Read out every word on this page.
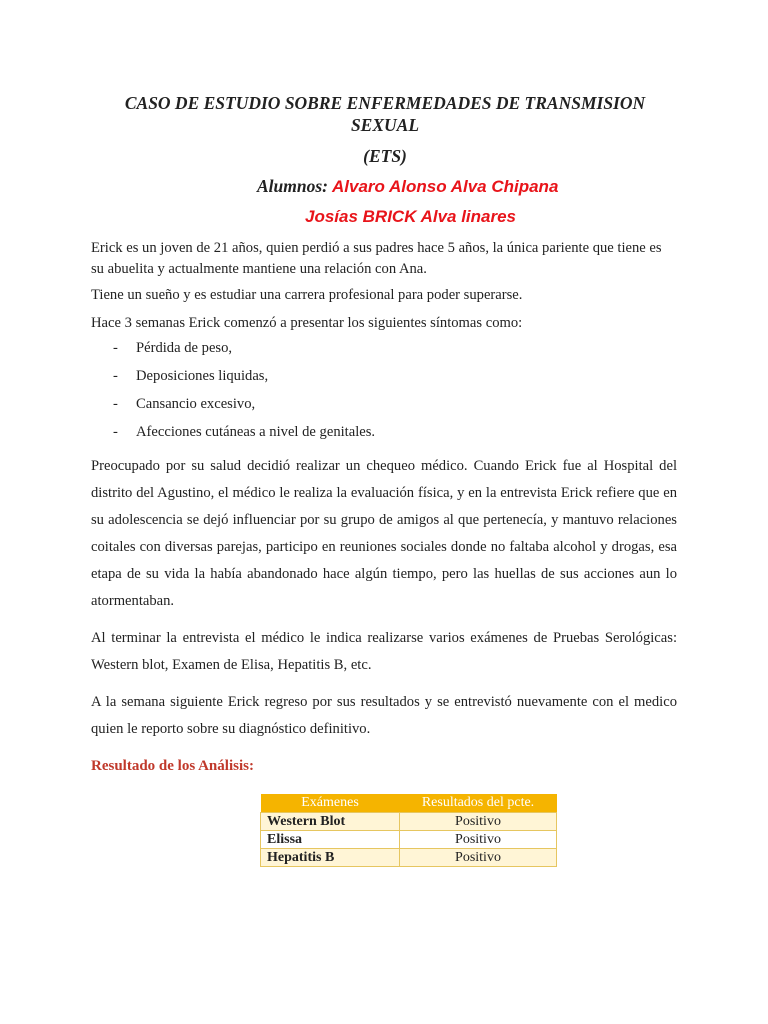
CASO DE ESTUDIO SOBRE ENFERMEDADES DE TRANSMISION SEXUAL
(ETS)
Alumnos: Alvaro Alonso Alva Chipana
Josías BRICK Alva linares

Erick es un joven de 21 años, quien perdió a sus padres hace 5 años, la única pariente que tiene es su abuelita y actualmente mantiene una relación con Ana.

Tiene un sueño y es estudiar una carrera profesional para poder superarse.

Hace 3 semanas Erick comenzó a presentar los siguientes síntomas como:

-	Pérdida de peso,
-	Deposiciones liquidas,
-	Cansancio excesivo,
-	Afecciones cutáneas a nivel de genitales.

Preocupado por su salud decidió realizar un chequeo médico. Cuando Erick fue al Hospital del distrito del Agustino, el médico le realiza la evaluación física, y en la entrevista Erick refiere que en su adolescencia se dejó influenciar por su grupo de amigos al que pertenecía, y mantuvo relaciones coitales con diversas parejas, participo en reuniones sociales donde no faltaba alcohol y drogas, esa etapa de su vida la había abandonado hace algún tiempo, pero las huellas de sus acciones aun lo atormentaban.

Al terminar la entrevista el médico le indica realizarse varios exámenes de Pruebas Serológicas: Western blot, Examen de Elisa, Hepatitis B, etc.

A la semana siguiente Erick regreso por sus resultados y se entrevistó nuevamente con el medico quien le reporto sobre su diagnóstico definitivo.

Resultado de los Análisis:
Exámenes	Resultados del pcte.
Western Blot	Positivo
Elissa	Positivo
Hepatitis B	Positivo
